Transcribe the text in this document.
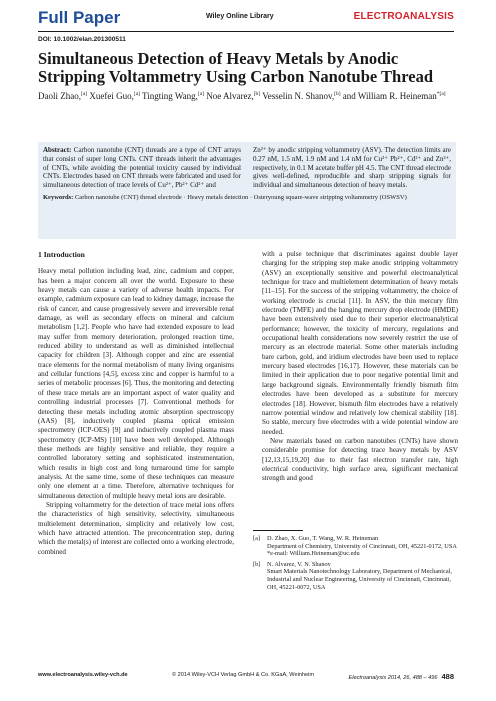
Full Paper	Wiley Online Library	ELECTROANALYSIS
DOI: 10.1002/elan.201300511
Simultaneous Detection of Heavy Metals by Anodic Stripping Voltammetry Using Carbon Nanotube Thread
Daoli Zhao,[a] Xuefei Guo,[a] Tingting Wang,[a] Noe Alvarez,[b] Vesselin N. Shanov,[b] and William R. Heineman$^{*[a]}$
Abstract: Carbon nanotube (CNT) threads are a type of CNT arrays that consist of super long CNTs. CNT threads inherit the advantages of CNTs, while avoiding the potential toxicity caused by individual CNTs. Electrodes based on CNT threads were fabricated and used for simultaneous detection of trace levels of Cu²⁺, Pb²⁺ Cd²⁺ and
Zn²⁺ by anodic stripping voltammetry (ASV). The detection limits are 0.27 nM, 1.5 nM, 1.9 nM and 1.4 nM for Cu²⁺ Pb²⁺, Cd²⁺ and Zn²⁺, respectively, in 0.1 M acetate buffer pH 4.5. The CNT thread electrode gives well-defined, reproducible and sharp stripping signals for individual and simultaneous detection of heavy metals.
Keywords: Carbon nanotube (CNT) thread electrode · Heavy metals detection · Osteryoung square-wave stripping voltammetry (OSWSV)
1 Introduction

Heavy metal pollution including lead, zinc, cadmium and copper, has been a major concern all over the world. Exposure to these heavy metals can cause a variety of adverse health impacts. For example, cadmium exposure can lead to kidney damage, increase the risk of cancer, and cause progressively severe and irreversible renal damage, as well as secondary effects on mineral and calcium metabolism [1,2]. People who have had extended exposure to lead may suffer from memory deterioration, prolonged reaction time, reduced ability to understand as well as diminished intellectual capacity for children [3]. Although copper and zinc are essential trace elements for the normal metabolism of many living organisms and cellular functions [4,5], excess zinc and copper is harmful to a series of metabolic processes [6]. Thus, the monitoring and detecting of these trace metals are an important aspect of water quality and controlling industrial processes [7]. Conventional methods for detecting these metals including atomic absorption spectroscopy (AAS) [8], inductively coupled plasma optical emission spectrometry (ICP-OES) [9] and inductively coupled plasma mass spectrometry (ICP-MS) [10] have been well developed. Although these methods are highly sensitive and reliable, they require a controlled laboratory setting and sophisticated instrumentation, which results in high cost and long turnaround time for sample analysis. At the same time, some of these techniques can measure only one element at a time. Therefore, alternative techniques for simultaneous detection of multiple heavy metal ions are desirable.

Stripping voltammetry for the detection of trace metal ions offers the characteristics of high sensitivity, selectivity, simultaneous multielement determination, simplicity and relatively low cost, which have attracted attention. The preconcentration step, during which the metal(s) of interest are collected onto a working electrode, combined

with a pulse technique that discriminates against double layer charging for the stripping step make anodic stripping voltammetry (ASV) an exceptionally sensitive and powerful electroanalytical technique for trace and multielement determination of heavy metals [11–15]. For the success of the stripping voltammetry, the choice of working electrode is crucial [11]. In ASV, the thin mercury film electrode (TMFE) and the hanging mercury drop electrode (HMDE) have been extensively used due to their superior electroanalytical performance; however, the toxicity of mercury, regulations and occupational health considerations now severely restrict the use of mercury as an electrode material. Some other materials including bare carbon, gold, and iridium electrodes have been used to replace mercury based electrodes [16,17]. However, these materials can be limited in their application due to poor negative potential limit and large background signals. Environmentally friendly bismuth film electrodes have been developed as a substitute for mercury electrodes [18]. However, bismuth film electrodes have a relatively narrow potential window and relatively low chemical stability [18]. So stable, mercury free electrodes with a wide potential window are needed.

New materials based on carbon nanotubes (CNTs) have shown considerable promise for detecting trace heavy metals by ASV [12,13,15,19,20] due to their fast electron transfer rate, high electrical conductivity, high surface area, significant mechanical strength and good

[a]	D. Zhao, X. Guo, T. Wang, W. R. Heineman
Department of Chemistry, University of Cincinnati, OH, 45221-0172, USA
*e-mail: William.Heineman@uc.edu
[b]	N. Alvarez, V. N. Shanov
Smart Materials Nanotechnology Laboratory, Department of Mechanical, Industrial and Nuclear Engineering, University of Cincinnati, Cincinnati, OH, 45221-0072, USA
www.electroanalysis.wiley-vch.de	© 2014 Wiley-VCH Verlag GmbH & Co. KGaA, Weinheim	Electroanalysis 2014, 26, 488 – 496 488
